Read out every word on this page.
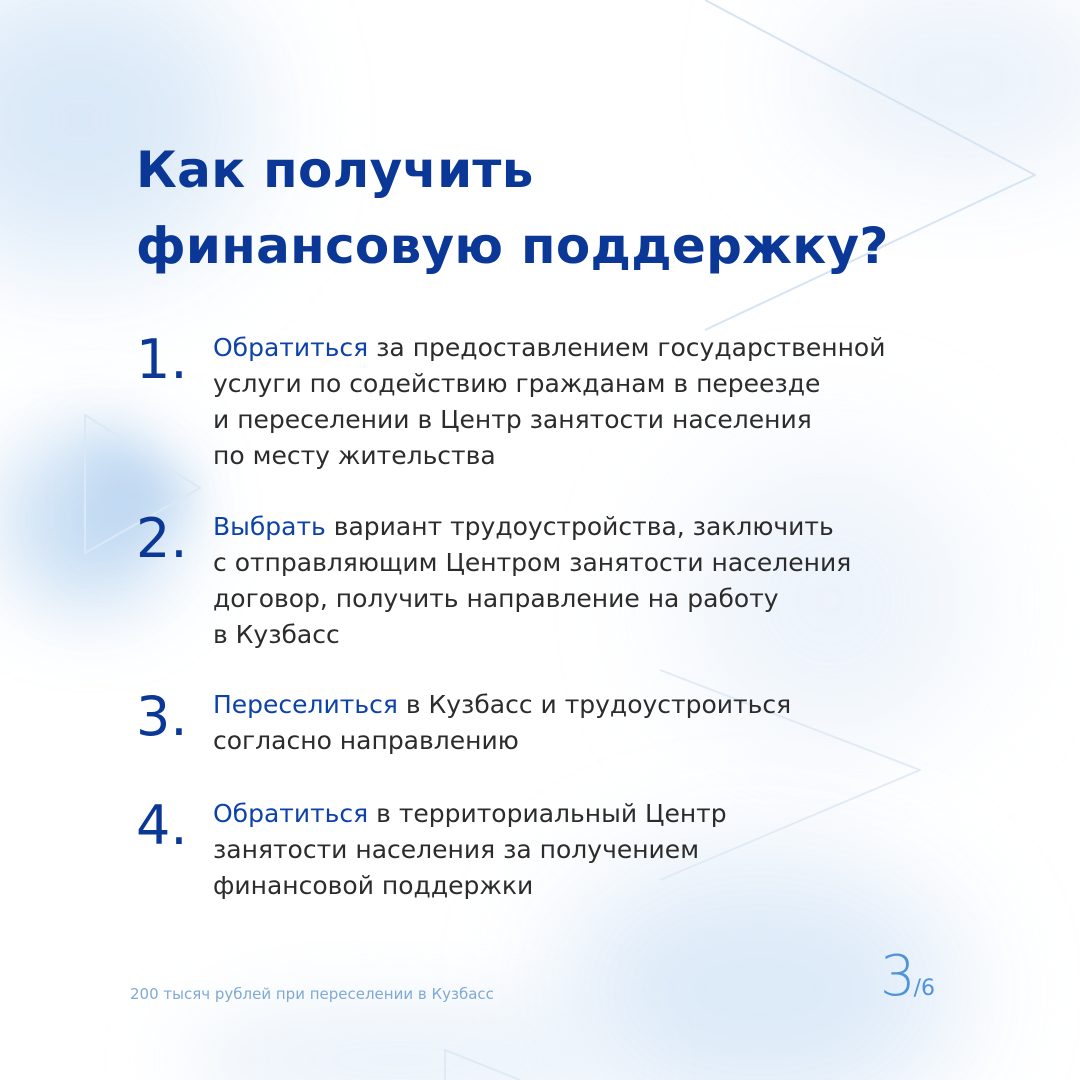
Как получить
финансовую поддержку?
1. Обратиться за предоставлением государственной
услуги по содействию гражданам в переезде
и переселении в Центр занятости населения
по месту жительства
2. Выбрать вариант трудоустройства, заключить
с отправляющим Центром занятости населения
договор, получить направление на работу
в Кузбасс
3. Переселиться в Кузбасс и трудоустроиться
согласно направлению
4. Обратиться в территориальный Центр
занятости населения за получением
финансовой поддержки
200 тысяч рублей при переселении в Кузбасс	3/6
